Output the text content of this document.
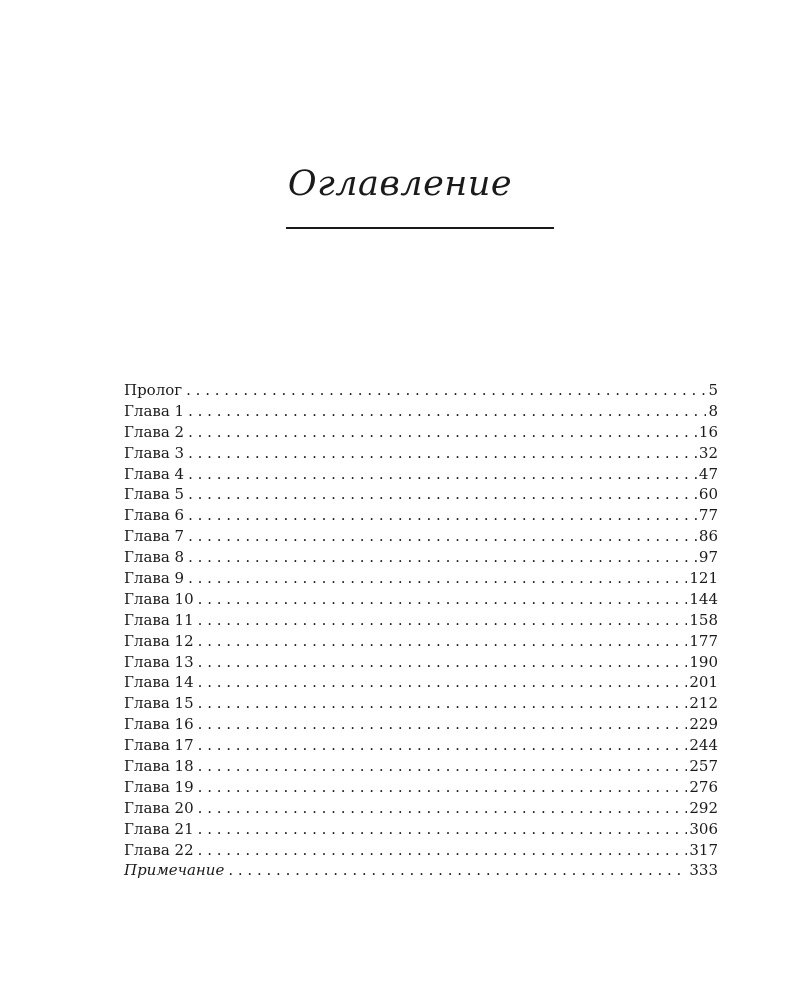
Оглавление
Пролог . . .	5
Глава 1 . . .	8
Глава 2 . . .	16
Глава 3 . . .	32
Глава 4 . . .	47
Глава 5 . . .	60
Глава 6 . . .	77
Глава 7 . . .	86
Глава 8 . . .	97
Глава 9 . . .	121
Глава 10 . . .	144
Глава 11 . . .	158
Глава 12 . . .	177
Глава 13 . . .	190
Глава 14 . . .	201
Глава 15 . . .	212
Глава 16 . . .	229
Глава 17 . . .	244
Глава 18 . . .	257
Глава 19 . . .	276
Глава 20 . . .	292
Глава 21 . . .	306
Глава 22 . . .	317
Примечание . . .	333
